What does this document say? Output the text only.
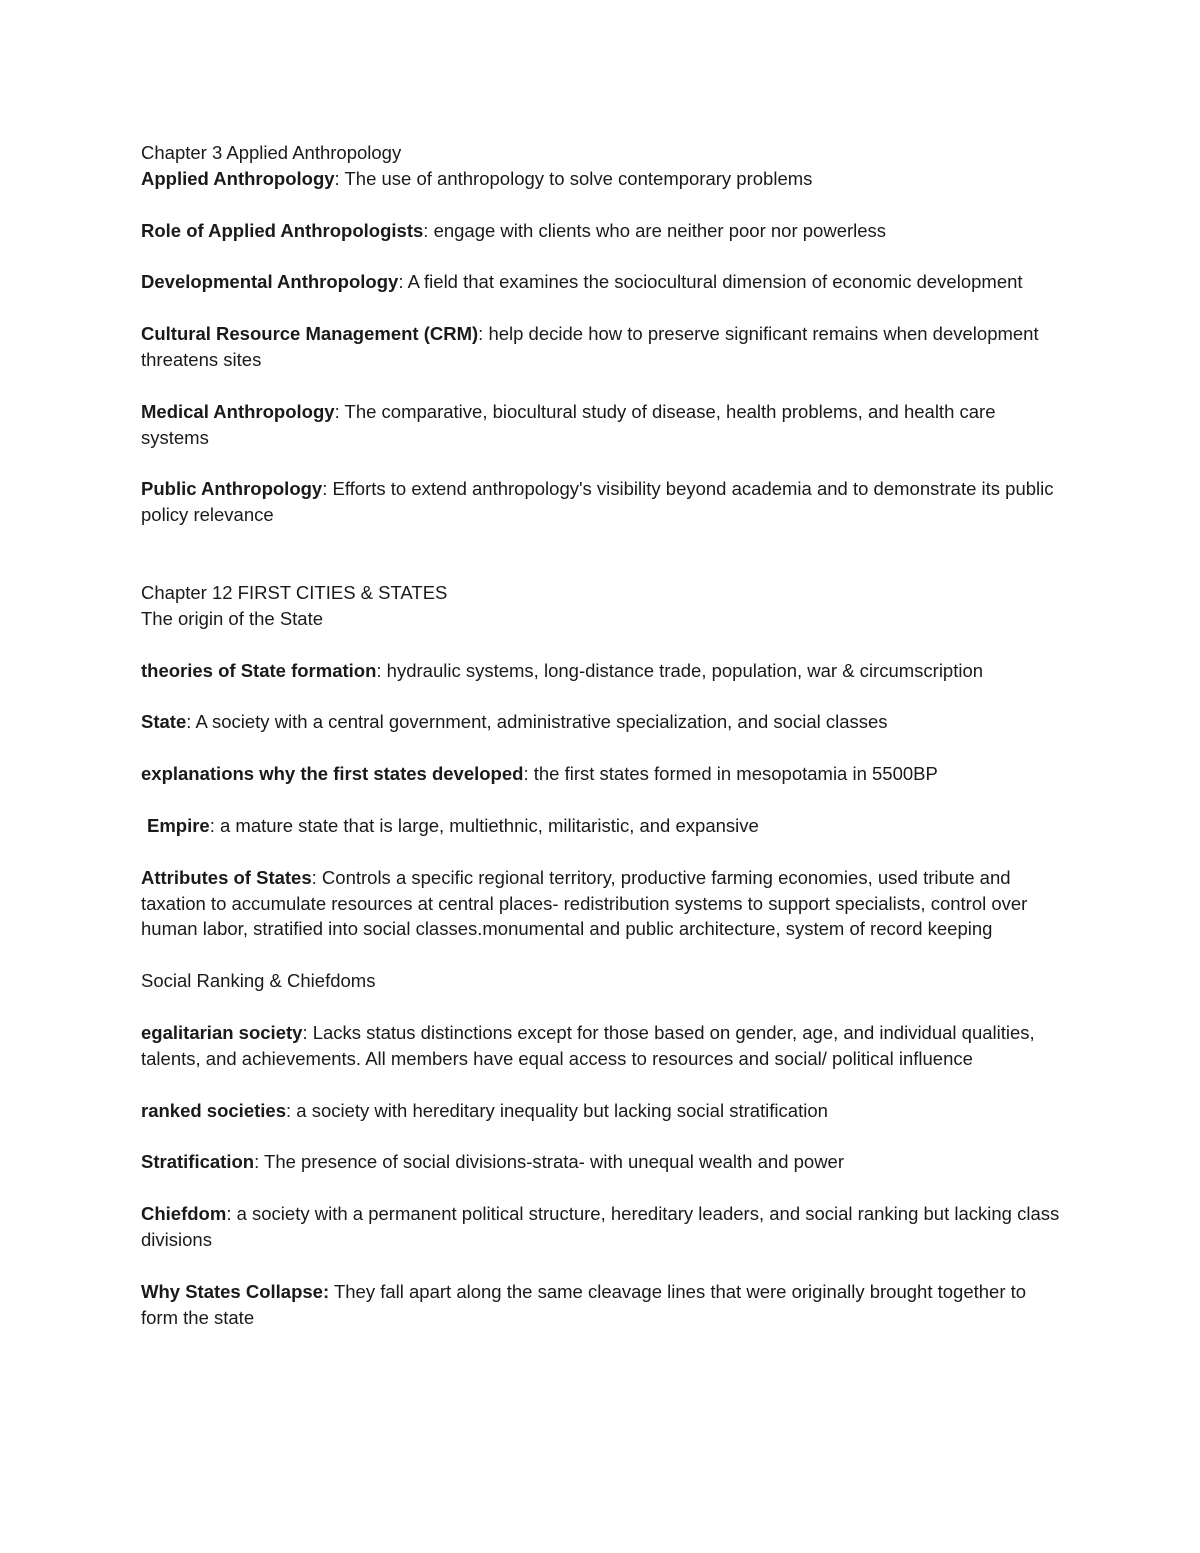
Chapter 3 Applied Anthropology

Applied Anthropology: The use of anthropology to solve contemporary problems

Role of Applied Anthropologists: engage with clients who are neither poor nor powerless

Developmental Anthropology: A field that examines the sociocultural dimension of economic development

Cultural Resource Management (CRM): help decide how to preserve significant remains when development threatens sites

Medical Anthropology: The comparative, biocultural study of disease, health problems, and health care systems

Public Anthropology: Efforts to extend anthropology's visibility beyond academia and to demonstrate its public policy relevance

Chapter 12 FIRST CITIES & STATES

The origin of the State

theories of State formation: hydraulic systems, long-distance trade, population, war & circumscription

State: A society with a central government, administrative specialization, and social classes

explanations why the first states developed: the first states formed in mesopotamia in 5500BP

Empire: a mature state that is large, multiethnic, militaristic, and expansive

Attributes of States: Controls a specific regional territory, productive farming economies, used tribute and taxation to accumulate resources at central places- redistribution systems to support specialists, control over human labor, stratified into social classes.monumental and public architecture, system of record keeping

Social Ranking & Chiefdoms

egalitarian society: Lacks status distinctions except for those based on gender, age, and individual qualities, talents, and achievements. All members have equal access to resources and social/ political influence

ranked societies: a society with hereditary inequality but lacking social stratification

Stratification: The presence of social divisions-strata- with unequal wealth and power

Chiefdom: a society with a permanent political structure, hereditary leaders, and social ranking but lacking class divisions

Why States Collapse: They fall apart along the same cleavage lines that were originally brought together to form the state
